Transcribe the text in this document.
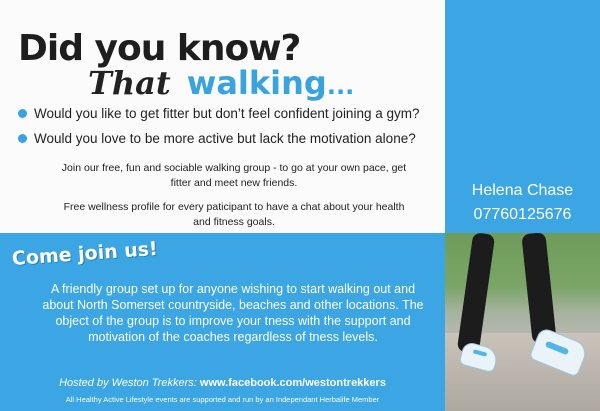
Did you know?
That walking...
Would you like to get fitter but don’t feel confident joining a gym?
Would you love to be more active but lack the motivation alone?
Join our free, fun and sociable walking group - to go at your own pace, get fitter and meet new friends.
Free wellness profile for every paticipant to have a chat about your health and fitness goals.
Helena Chase
07760125676
Come join us!
A friendly group set up for anyone wishing to start walking out and about North Somerset countryside, beaches and other locations. The object of the group is to improve your tness with the support and motivation of the coaches regardless of tness levels.
Hosted by Weston Trekkers: www.facebook.com/westontrekkers
All Healthy Active Lifestyle events are supported and run by an Independant Herbalife Member
